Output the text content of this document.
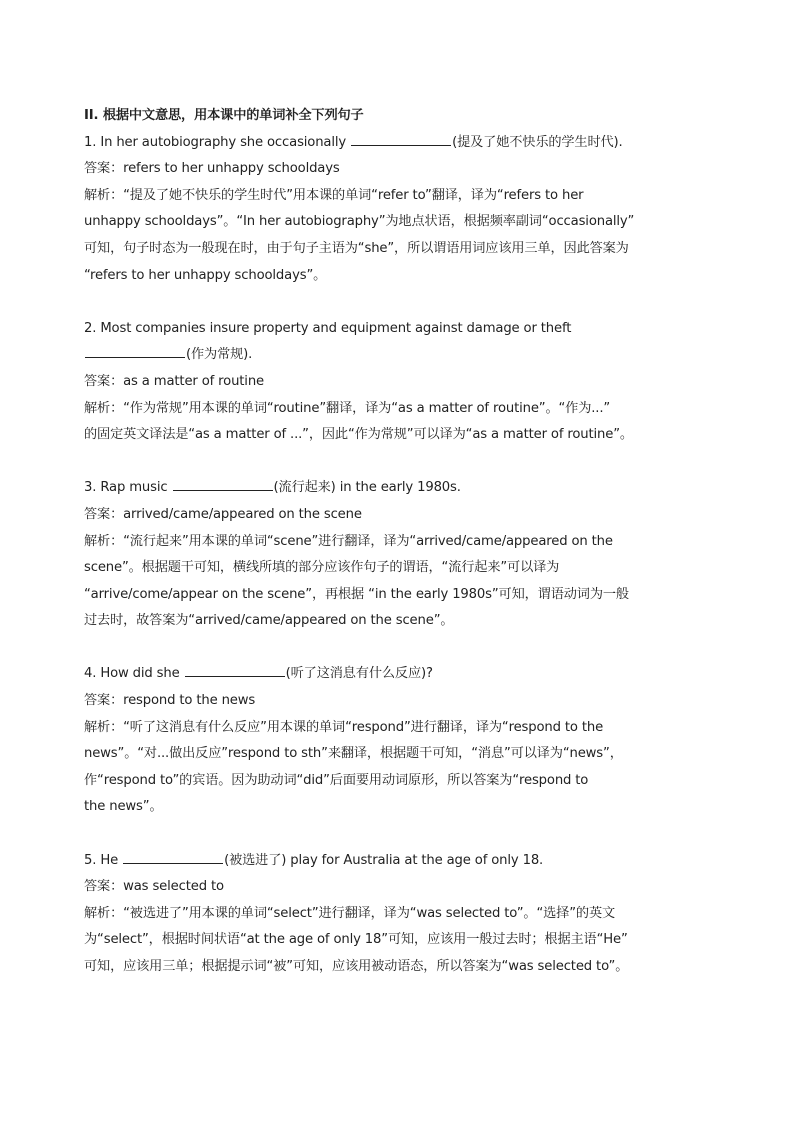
II. 根据中文意思，用本课中的单词补全下列句子

1. In her autobiography she occasionally	(提及了她不快乐的学生时代).

答案：refers to her unhappy schooldays

解析：“提及了她不快乐的学生时代”用本课的单词“refer to”翻译，译为“refers to her

unhappy schooldays”。“In her autobiography”为地点状语，根据频率副词“occasionally”

可知，句子时态为一般现在时，由于句子主语为“she”，所以谓语用词应该用三单，因此答案为

“refers to her unhappy schooldays”。

2. Most companies insure property and equipment against damage or theft

(作为常规).

答案：as a matter of routine

解析：“作为常规”用本课的单词“routine”翻译，译为“as a matter of routine”。“作为...”

的固定英文译法是“as a matter of ...”，因此“作为常规”可以译为“as a matter of routine”。

3. Rap music	(流行起来) in the early 1980s.

答案：arrived/came/appeared on the scene

解析：“流行起来”用本课的单词“scene”进行翻译，译为“arrived/came/appeared on the

scene”。根据题干可知，横线所填的部分应该作句子的谓语，“流行起来”可以译为

“arrive/come/appear on the scene”，再根据 “in the early 1980s”可知，谓语动词为一般

过去时，故答案为“arrived/came/appeared on the scene”。

4. How did she	(听了这消息有什么反应)?

答案：respond to the news

解析：“听了这消息有什么反应”用本课的单词“respond”进行翻译，译为“respond to the

news”。“对...做出反应”respond to sth”来翻译，根据题干可知，“消息”可以译为“news”，

作“respond to”的宾语。因为助动词“did”后面要用动词原形，所以答案为“respond to

the news”。

5. He	(被选进了) play for Australia at the age of only 18.

答案：was selected to

解析：“被选进了”用本课的单词“select”进行翻译，译为“was selected to”。“选择”的英文

为“select”，根据时间状语“at the age of only 18”可知，应该用一般过去时；根据主语“He”

可知，应该用三单；根据提示词“被”可知，应该用被动语态，所以答案为“was selected to”。
